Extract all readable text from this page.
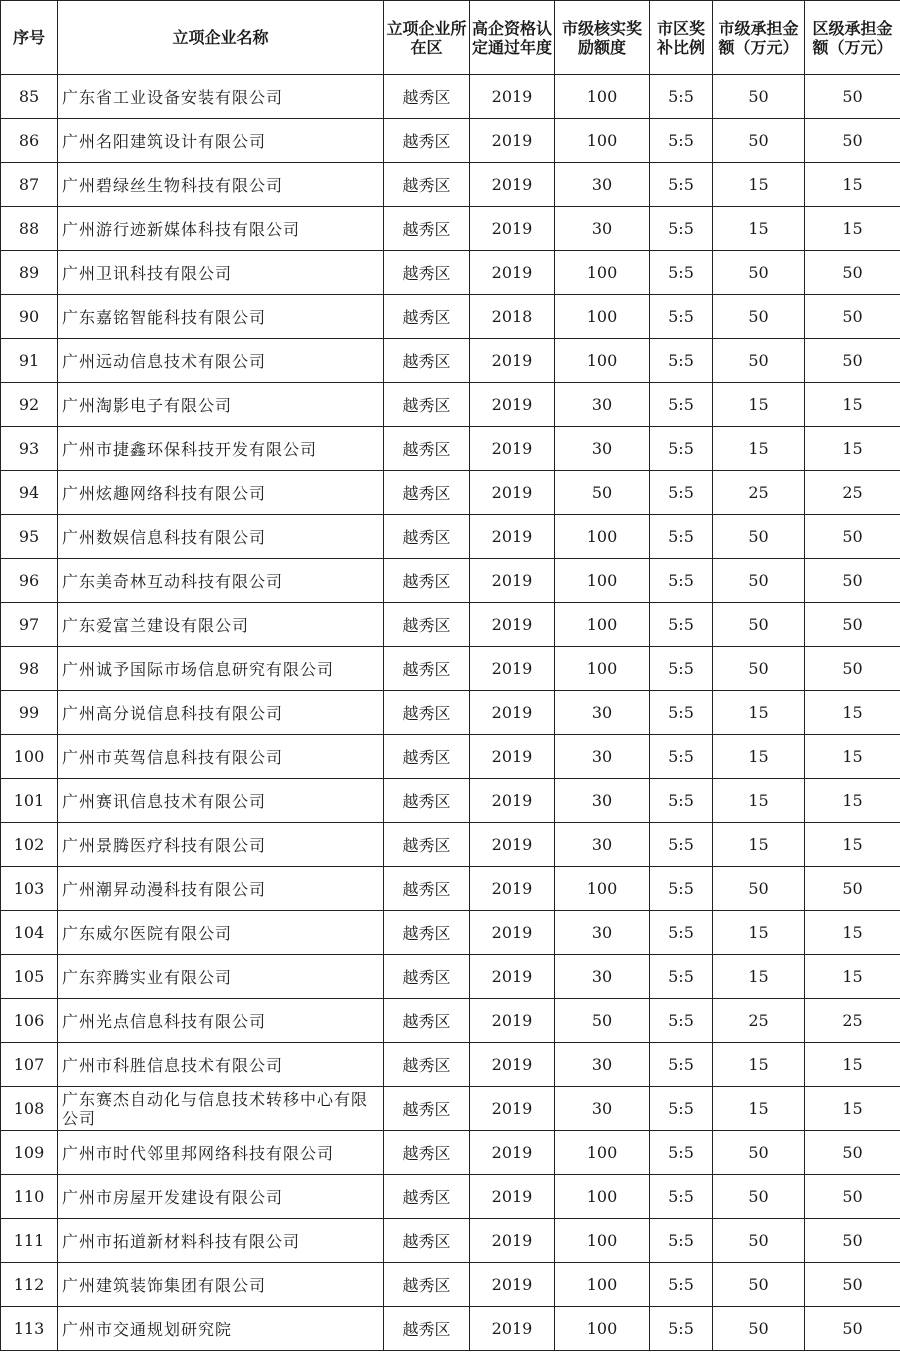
序号	立项企业名称	立项企业所在区	高企资格认定通过年度	市级核实奖励额度	市区奖补比例	市级承担金额（万元）	区级承担金额（万元）
85	广东省工业设备安装有限公司	越秀区	2019	100	5:5	50	50
86	广州名阳建筑设计有限公司	越秀区	2019	100	5:5	50	50
87	广州碧绿丝生物科技有限公司	越秀区	2019	30	5:5	15	15
88	广州游行迹新媒体科技有限公司	越秀区	2019	30	5:5	15	15
89	广州卫讯科技有限公司	越秀区	2019	100	5:5	50	50
90	广东嘉铭智能科技有限公司	越秀区	2018	100	5:5	50	50
91	广州远动信息技术有限公司	越秀区	2019	100	5:5	50	50
92	广州淘影电子有限公司	越秀区	2019	30	5:5	15	15
93	广州市捷鑫环保科技开发有限公司	越秀区	2019	30	5:5	15	15
94	广州炫趣网络科技有限公司	越秀区	2019	50	5:5	25	25
95	广州数娱信息科技有限公司	越秀区	2019	100	5:5	50	50
96	广东美奇林互动科技有限公司	越秀区	2019	100	5:5	50	50
97	广东爱富兰建设有限公司	越秀区	2019	100	5:5	50	50
98	广州诚予国际市场信息研究有限公司	越秀区	2019	100	5:5	50	50
99	广州高分说信息科技有限公司	越秀区	2019	30	5:5	15	15
100	广州市英驾信息科技有限公司	越秀区	2019	30	5:5	15	15
101	广州赛讯信息技术有限公司	越秀区	2019	30	5:5	15	15
102	广州景腾医疗科技有限公司	越秀区	2019	30	5:5	15	15
103	广州潮昇动漫科技有限公司	越秀区	2019	100	5:5	50	50
104	广东威尔医院有限公司	越秀区	2019	30	5:5	15	15
105	广东弈腾实业有限公司	越秀区	2019	30	5:5	15	15
106	广州光点信息科技有限公司	越秀区	2019	50	5:5	25	25
107	广州市科胜信息技术有限公司	越秀区	2019	30	5:5	15	15
108	广东赛杰自动化与信息技术转移中心有限公司	越秀区	2019	30	5:5	15	15
109	广州市时代邻里邦网络科技有限公司	越秀区	2019	100	5:5	50	50
110	广州市房屋开发建设有限公司	越秀区	2019	100	5:5	50	50
111	广州市拓道新材料科技有限公司	越秀区	2019	100	5:5	50	50
112	广州建筑装饰集团有限公司	越秀区	2019	100	5:5	50	50
113	广州市交通规划研究院	越秀区	2019	100	5:5	50	50
